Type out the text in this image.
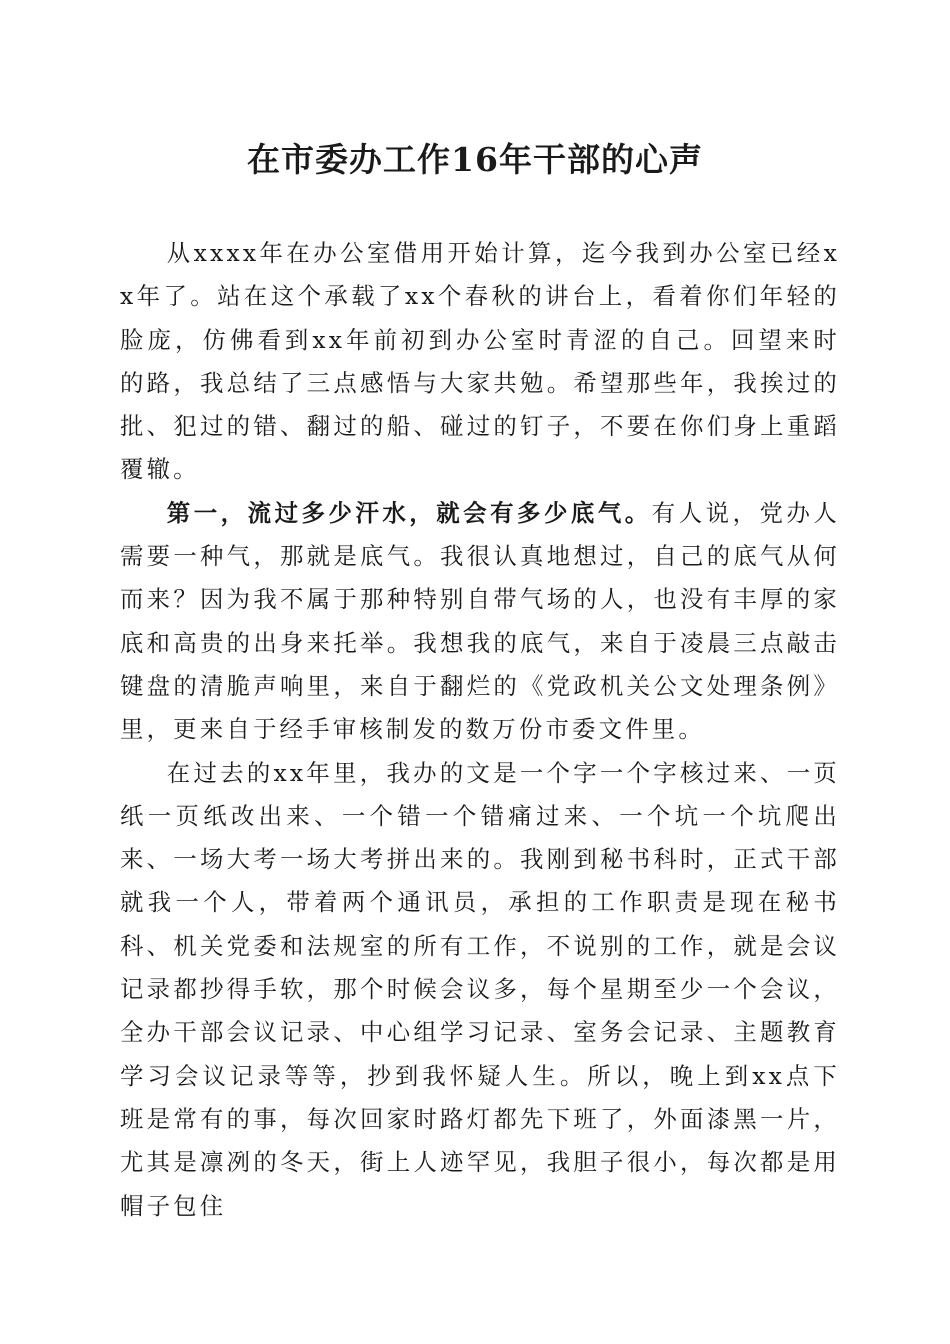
在市委办工作16年干部的心声

从xxxx年在办公室借用开始计算，迄今我到办公室已经xx年了。站在这个承载了xx个春秋的讲台上，看着你们年轻的脸庞，仿佛看到xx年前初到办公室时青涩的自己。回望来时的路，我总结了三点感悟与大家共勉。希望那些年，我挨过的批、犯过的错、翻过的船、碰过的钉子，不要在你们身上重蹈覆辙。

第一，流过多少汗水，就会有多少底气。有人说，党办人需要一种气，那就是底气。我很认真地想过，自己的底气从何而来？因为我不属于那种特别自带气场的人，也没有丰厚的家底和高贵的出身来托举。我想我的底气，来自于凌晨三点敲击键盘的清脆声响里，来自于翻烂的《党政机关公文处理条例》里，更来自于经手审核制发的数万份市委文件里。

在过去的xx年里，我办的文是一个字一个字核过来、一页纸一页纸改出来、一个错一个错痛过来、一个坑一个坑爬出来、一场大考一场大考拼出来的。我刚到秘书科时，正式干部就我一个人，带着两个通讯员，承担的工作职责是现在秘书科、机关党委和法规室的所有工作，不说别的工作，就是会议记录都抄得手软，那个时候会议多，每个星期至少一个会议，全办干部会议记录、中心组学习记录、室务会记录、主题教育学习会议记录等等，抄到我怀疑人生。所以，晚上到xx点下班是常有的事，每次回家时路灯都先下班了，外面漆黑一片，尤其是凛冽的冬天，街上人迹罕见，我胆子很小，每次都是用帽子包住
